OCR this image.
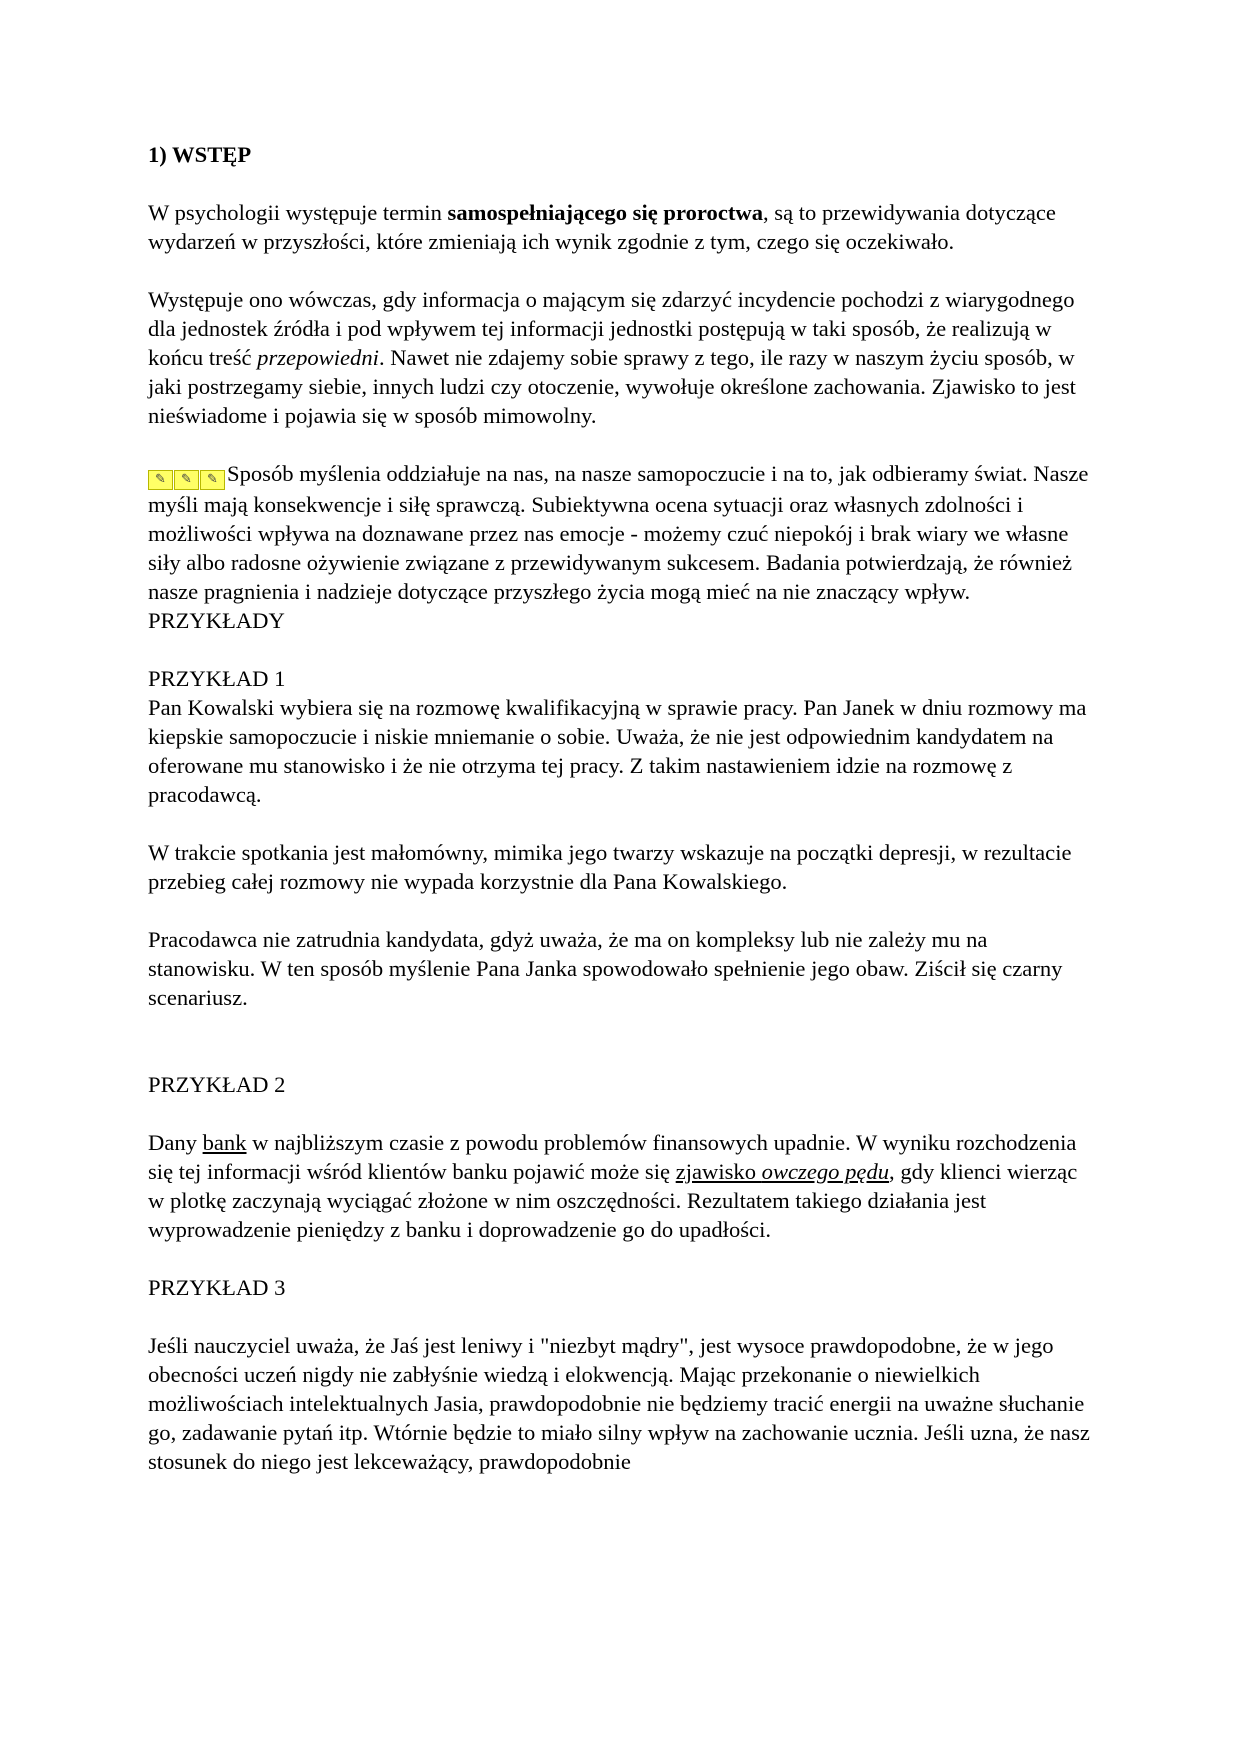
1) WSTĘP

W psychologii występuje termin samospełniającego się proroctwa, są to przewidywania dotyczące wydarzeń w przyszłości, które zmieniają ich wynik zgodnie z tym, czego się oczekiwało.

Występuje ono wówczas, gdy informacja o mającym się zdarzyć incydencie pochodzi z wiarygodnego dla jednostek źródła i pod wpływem tej informacji jednostki postępują w taki sposób, że realizują w końcu treść przepowiedni. Nawet nie zdajemy sobie sprawy z tego, ile razy w naszym życiu sposób, w jaki postrzegamy siebie, innych ludzi czy otoczenie, wywołuje określone zachowania. Zjawisko to jest nieświadome i pojawia się w sposób mimowolny.

✎ ✎ ✎ Sposób myślenia oddziałuje na nas, na nasze samopoczucie i na to, jak odbieramy świat. Nasze myśli mają konsekwencje i siłę sprawczą. Subiektywna ocena sytuacji oraz własnych zdolności i możliwości wpływa na doznawane przez nas emocje - możemy czuć niepokój i brak wiary we własne siły albo radosne ożywienie związane z przewidywanym sukcesem. Badania potwierdzają, że również nasze pragnienia i nadzieje dotyczące przyszłego życia mogą mieć na nie znaczący wpływ.

PRZYKŁADY

PRZYKŁAD 1

Pan Kowalski wybiera się na rozmowę kwalifikacyjną w sprawie pracy. Pan Janek w dniu rozmowy ma kiepskie samopoczucie i niskie mniemanie o sobie. Uważa, że nie jest odpowiednim kandydatem na oferowane mu stanowisko i że nie otrzyma tej pracy. Z takim nastawieniem idzie na rozmowę z pracodawcą.

W trakcie spotkania jest małomówny, mimika jego twarzy wskazuje na początki depresji, w rezultacie przebieg całej rozmowy nie wypada korzystnie dla Pana Kowalskiego.

Pracodawca nie zatrudnia kandydata, gdyż uważa, że ma on kompleksy lub nie zależy mu na stanowisku. W ten sposób myślenie Pana Janka spowodowało spełnienie jego obaw. Ziścił się czarny scenariusz.

PRZYKŁAD 2

Dany bank w najbliższym czasie z powodu problemów finansowych upadnie. W wyniku rozchodzenia się tej informacji wśród klientów banku pojawić może się zjawisko owczego pędu, gdy klienci wierząc w plotkę zaczynają wyciągać złożone w nim oszczędności. Rezultatem takiego działania jest wyprowadzenie pieniędzy z banku i doprowadzenie go do upadłości.

PRZYKŁAD 3

Jeśli nauczyciel uważa, że Jaś jest leniwy i "niezbyt mądry", jest wysoce prawdopodobne, że w jego obecności uczeń nigdy nie zabłyśnie wiedzą i elokwencją. Mając przekonanie o niewielkich możliwościach intelektualnych Jasia, prawdopodobnie nie będziemy tracić energii na uważne słuchanie go, zadawanie pytań itp. Wtórnie będzie to miało silny wpływ na zachowanie ucznia. Jeśli uzna, że nasz stosunek do niego jest lekceważący, prawdopodobnie
